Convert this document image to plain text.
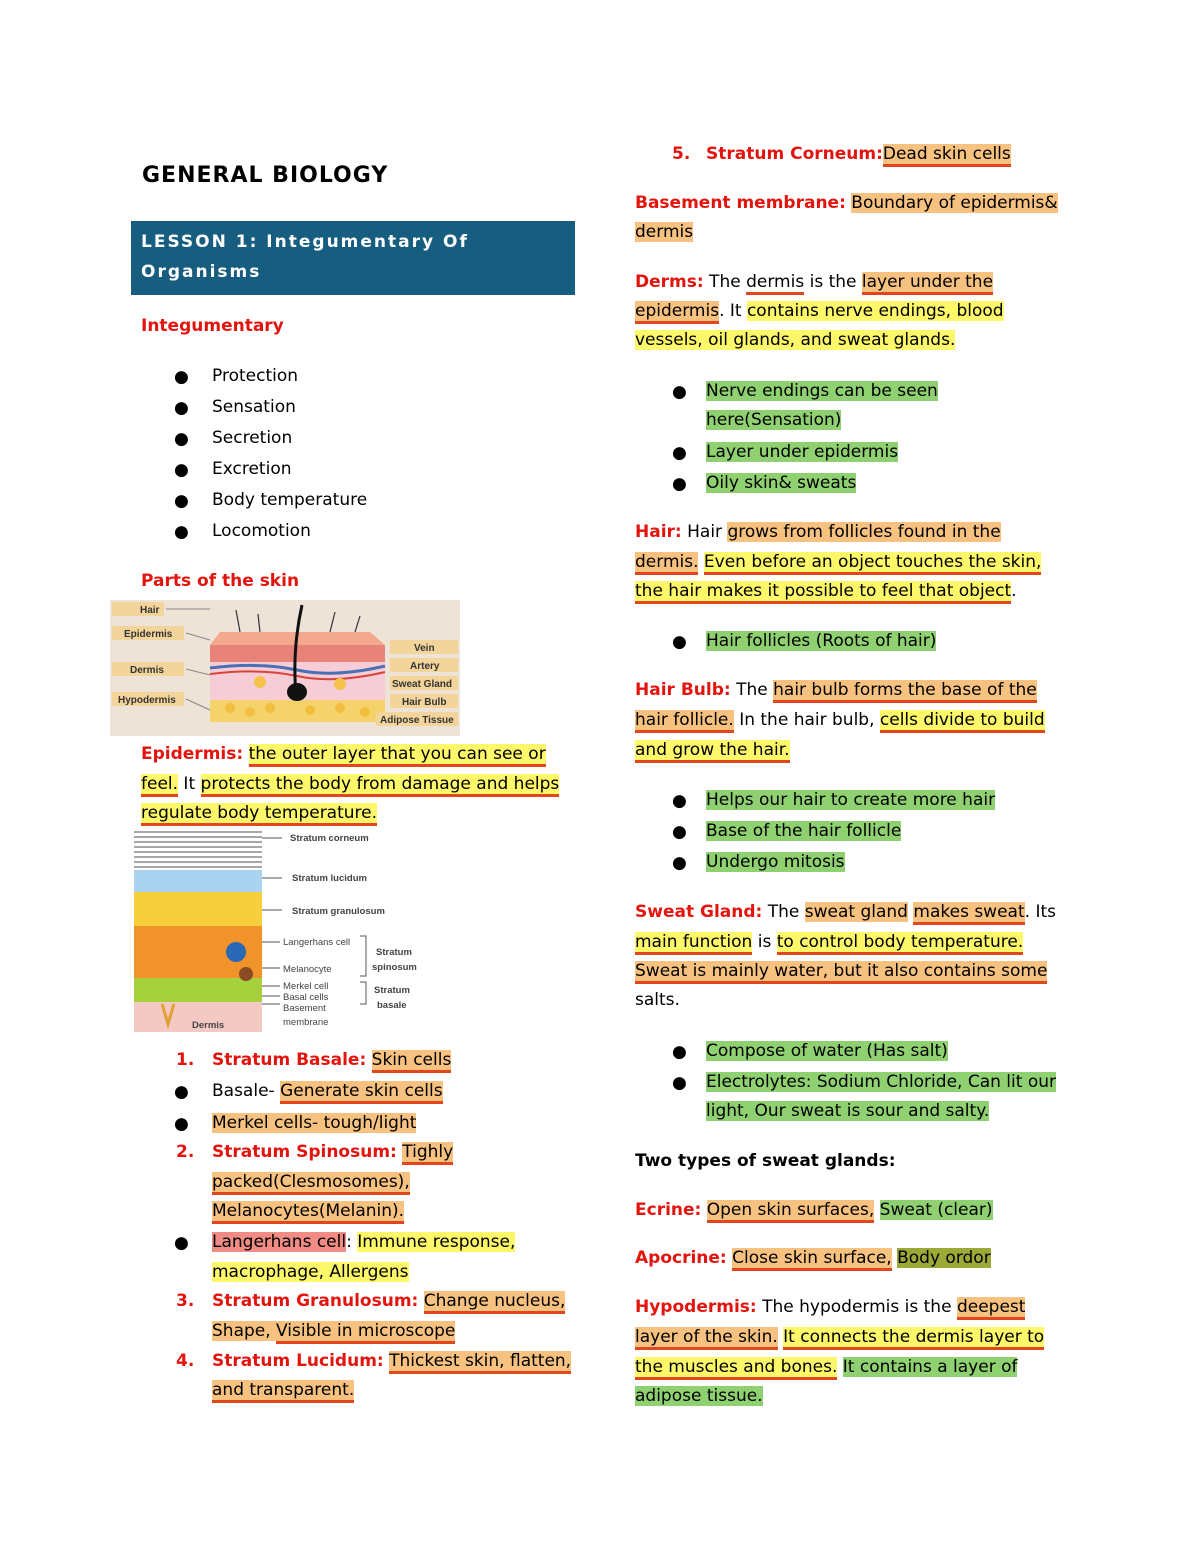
GENERAL BIOLOGY
LESSON 1: Integumentary Of
Organisms
Integumentary
● Protection
● Sensation
● Secretion
● Excretion
● Body temperature
● Locomotion
Parts of the skin
Hair
Epidermis
Dermis
Hypodermis
Vein
Artery
Sweat Gland
Hair Bulb
Adipose Tissue
Epidermis: the outer layer that you can see or
feel. It protects the body from damage and helps
regulate body temperature.
Stratum corneum
Stratum lucidum
Stratum granulosum
Langerhans cell
Melanocyte
Merkel cell
Basal cells
Basement
membrane
Stratum
spinosum
Stratum
basale
Dermis
1. Stratum Basale: Skin cells
● Basale- Generate skin cells
● Merkel cells- tough/light
2. Stratum Spinosum: Tighly
packed(Clesmosomes),
Melanocytes(Melanin).
● Langerhans cell: Immune response,
macrophage, Allergens
3. Stratum Granulosum: Change nucleus,
Shape, Visible in microscope
4. Stratum Lucidum: Thickest skin, flatten,
and transparent.
5. Stratum Corneum:Dead skin cells
Basement membrane: Boundary of epidermis&
dermis
Derms: The dermis is the layer under the
epidermis. It contains nerve endings, blood
vessels, oil glands, and sweat glands.
● Nerve endings can be seen
here(Sensation)
● Layer under epidermis
● Oily skin& sweats
Hair: Hair grows from follicles found in the
dermis. Even before an object touches the skin,
the hair makes it possible to feel that object.
● Hair follicles (Roots of hair)
Hair Bulb: The hair bulb forms the base of the
hair follicle. In the hair bulb, cells divide to build
and grow the hair.
● Helps our hair to create more hair
● Base of the hair follicle
● Undergo mitosis
Sweat Gland: The sweat gland makes sweat. Its
main function is to control body temperature.
Sweat is mainly water, but it also contains some
salts.
● Compose of water (Has salt)
● Electrolytes: Sodium Chloride, Can lit our
light, Our sweat is sour and salty.
Two types of sweat glands:
Ecrine: Open skin surfaces, Sweat (clear)
Apocrine: Close skin surface, Body ordor
Hypodermis: The hypodermis is the deepest
layer of the skin. It connects the dermis layer to
the muscles and bones. It contains a layer of
adipose tissue.
